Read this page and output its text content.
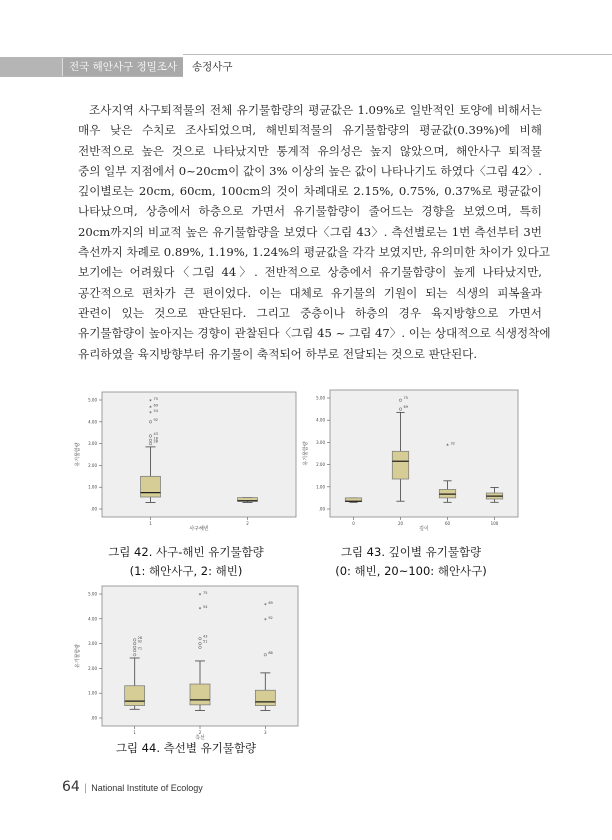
전국 해안사구 정밀조사	송정사구
조사지역 사구퇴적물의 전체 유기물함량의 평균값은 1.09%로 일반적인 토양에 비해서는
매우 낮은 수치로 조사되었으며, 해빈퇴적물의 유기물함량의 평균값(0.39%)에 비해
전반적으로 높은 것으로 나타났지만 통계적 유의성은 높지 않았으며, 해안사구 퇴적물
중의 일부 지점에서 0~20cm이 값이 3% 이상의 높은 값이 나타나기도 하였다〈그림 42〉.
깊이별로는 20cm, 60cm, 100cm의 것이 차례대로 2.15%, 0.75%, 0.37%로 평균값이
나타났으며, 상층에서 하층으로 가면서 유기물함량이 줄어드는 경향을 보였으며, 특히
20cm까지의 비교적 높은 유기물함량을 보였다〈그림 43〉. 측선별로는 1번 측선부터 3번
측선까지 차례로 0.89%, 1.19%, 1.24%의 평균값을 각각 보였지만, 유의미한 차이가 있다고
보기에는 어려웠다〈그림 44〉. 전반적으로 상층에서 유기물함량이 높게 나타났지만,
공간적으로 편차가 큰 편이었다. 이는 대체로 유기물의 기원이 되는 식생의 피복율과
관련이 있는 것으로 판단된다. 그리고 중층이나 하층의 경우 육지방향으로 가면서
유기물함량이 높아지는 경향이 관찰된다〈그림 45 ~ 그림 47〉. 이는 상대적으로 식생정착에
유리하였을 육지방향부터 유기물이 축적되어 하부로 전달되는 것으로 판단된다.
.00
1.00
2.00
3.00
4.00
5.00
유기물함량
사구해빈
1
28
18
43
92
* 54
* 69
* 75
2
.00
1.00
2.00
3.00
4.00
5.00
유기물함량
깊이
0	20
69
75
60
* 32
100
.00
1.00
2.00
3.00
4.00
5.00
유기물함량
측선
1
71
92
28
2
51
43
* 54
* 75
3
88
* 92
* 69
그림 42. 사구-해빈 유기물함량
(1: 해안사구, 2: 해빈)
그림 43. 깊이별 유기물함량
(0: 해빈, 20~100: 해안사구)
그림 44. 측선별 유기물함량
64 | National Institute of Ecology
